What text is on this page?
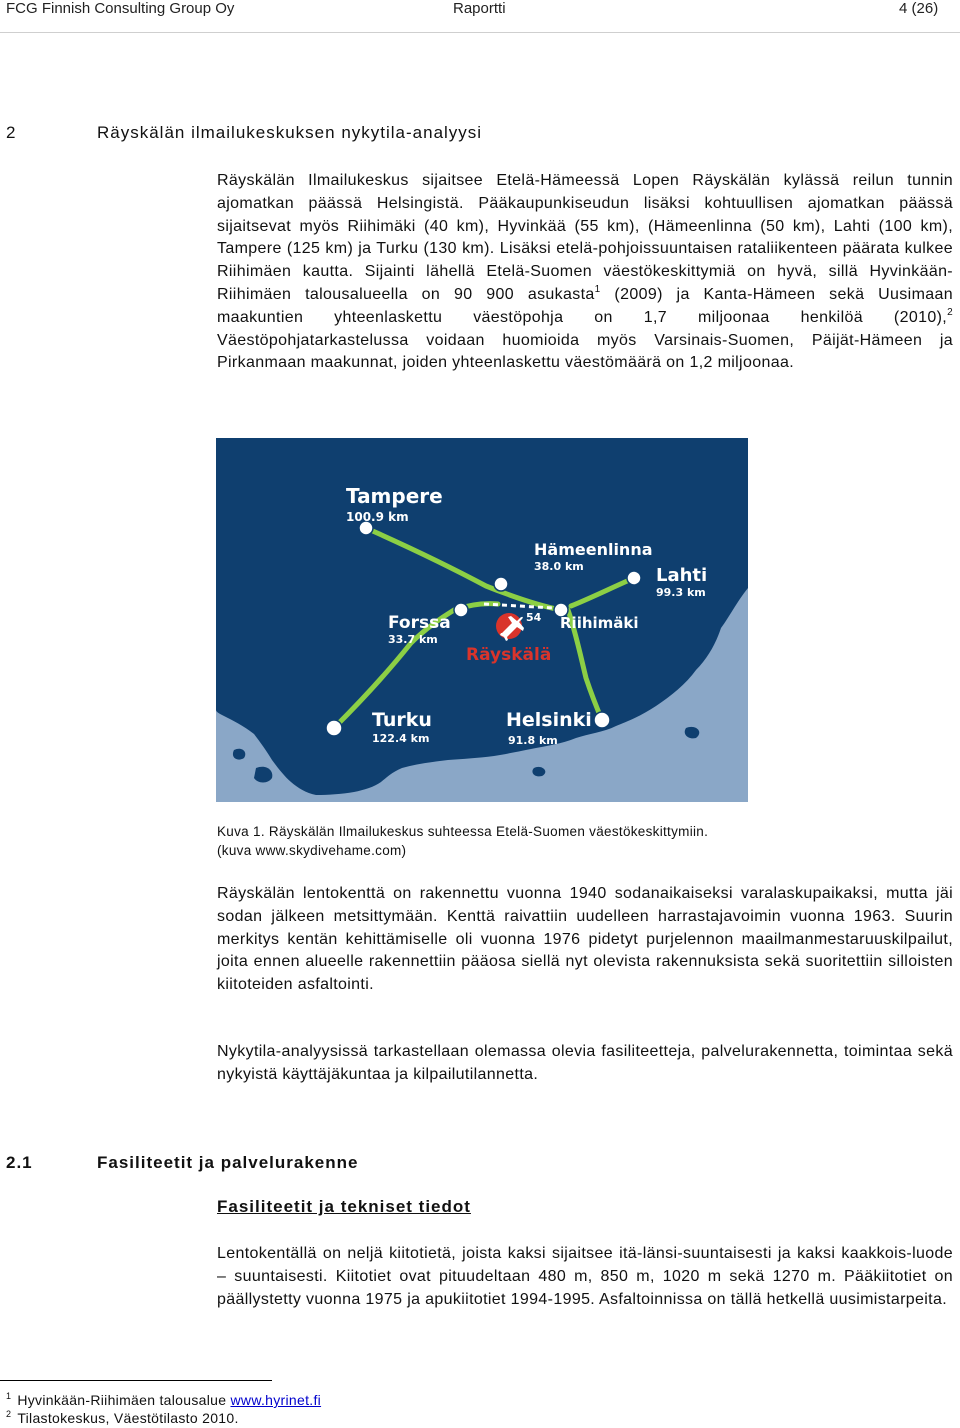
FCG Finnish Consulting Group Oy	Raportti	4 (26)
2	Räyskälän ilmailukeskuksen nykytila-analyysi

Räyskälän Ilmailukeskus sijaitsee Etelä-Hämeessä Lopen Räyskälän kylässä reilun tunnin ajomatkan päässä Helsingistä. Pääkaupunkiseudun lisäksi kohtuullisen ajomatkan päässä sijaitsevat myös Riihimäki (40 km), Hyvinkää (55 km), (Hämeenlinna (50 km), Lahti (100 km), Tampere (125 km) ja Turku (130 km). Lisäksi etelä-pohjoissuuntaisen rataliikenteen päärata kulkee Riihimäen kautta. Sijainti lähellä Etelä-Suomen väestökeskittymiä on hyvä, sillä Hyvinkään-Riihimäen talousalueella on 90 900 asukasta$^1$ (2009) ja Kanta-Hämeen sekä Uusimaan maakuntien yhteenlaskettu väestöpohja on 1,7 miljoonaa henkilöä (2010),$^2$ Väestöpohjatarkastelussa voidaan huomioida myös Varsinais-Suomen, Päijät-Hämeen ja Pirkanmaan maakunnat, joiden yhteenlaskettu väestömäärä on 1,2 miljoonaa.

Tampere
100.9 km
Hämeenlinna
38.0 km	Lahti
99.3 km
Forssa
33.7 km
Riihimäki
Turku
122.4 km
Helsinki
91.8 km
54
Räyskälä
Kuva 1. Räyskälän Ilmailukeskus suhteessa Etelä-Suomen väestökeskittymiin.
(kuva www.skydivehame.com)

Räyskälän lentokenttä on rakennettu vuonna 1940 sodanaikaiseksi varalaskupaikaksi, mutta jäi sodan jälkeen metsittymään. Kenttä raivattiin uudelleen harrastajavoimin vuonna 1963. Suurin merkitys kentän kehittämiselle oli vuonna 1976 pidetyt purjelennon maailmanmestaruuskilpailut, joita ennen alueelle rakennettiin pääosa siellä nyt olevista rakennuksista sekä suoritettiin silloisten kiitoteiden asfaltointi.

Nykytila-analyysissä tarkastellaan olemassa olevia fasiliteetteja, palvelurakennetta, toimintaa sekä nykyistä käyttäjäkuntaa ja kilpailutilannetta.

2.1	Fasiliteetit ja palvelurakenne
Fasiliteetit ja tekniset tiedot

Lentokentällä on neljä kiitotietä, joista kaksi sijaitsee itä-länsi-suuntaisesti ja kaksi kaakkois-luode – suuntaisesti. Kiitotiet ovat pituudeltaan 480 m, 850 m, 1020 m sekä 1270 m. Pääkiitotiet on päällystetty vuonna 1975 ja apukiitotiet 1994-1995. Asfaltoinnissa on tällä hetkellä uusimistarpeita.

$^1$ Hyvinkään-Riihimäen talousalue www.hyrinet.fi
$^2$ Tilastokeskus, Väestötilasto 2010.
